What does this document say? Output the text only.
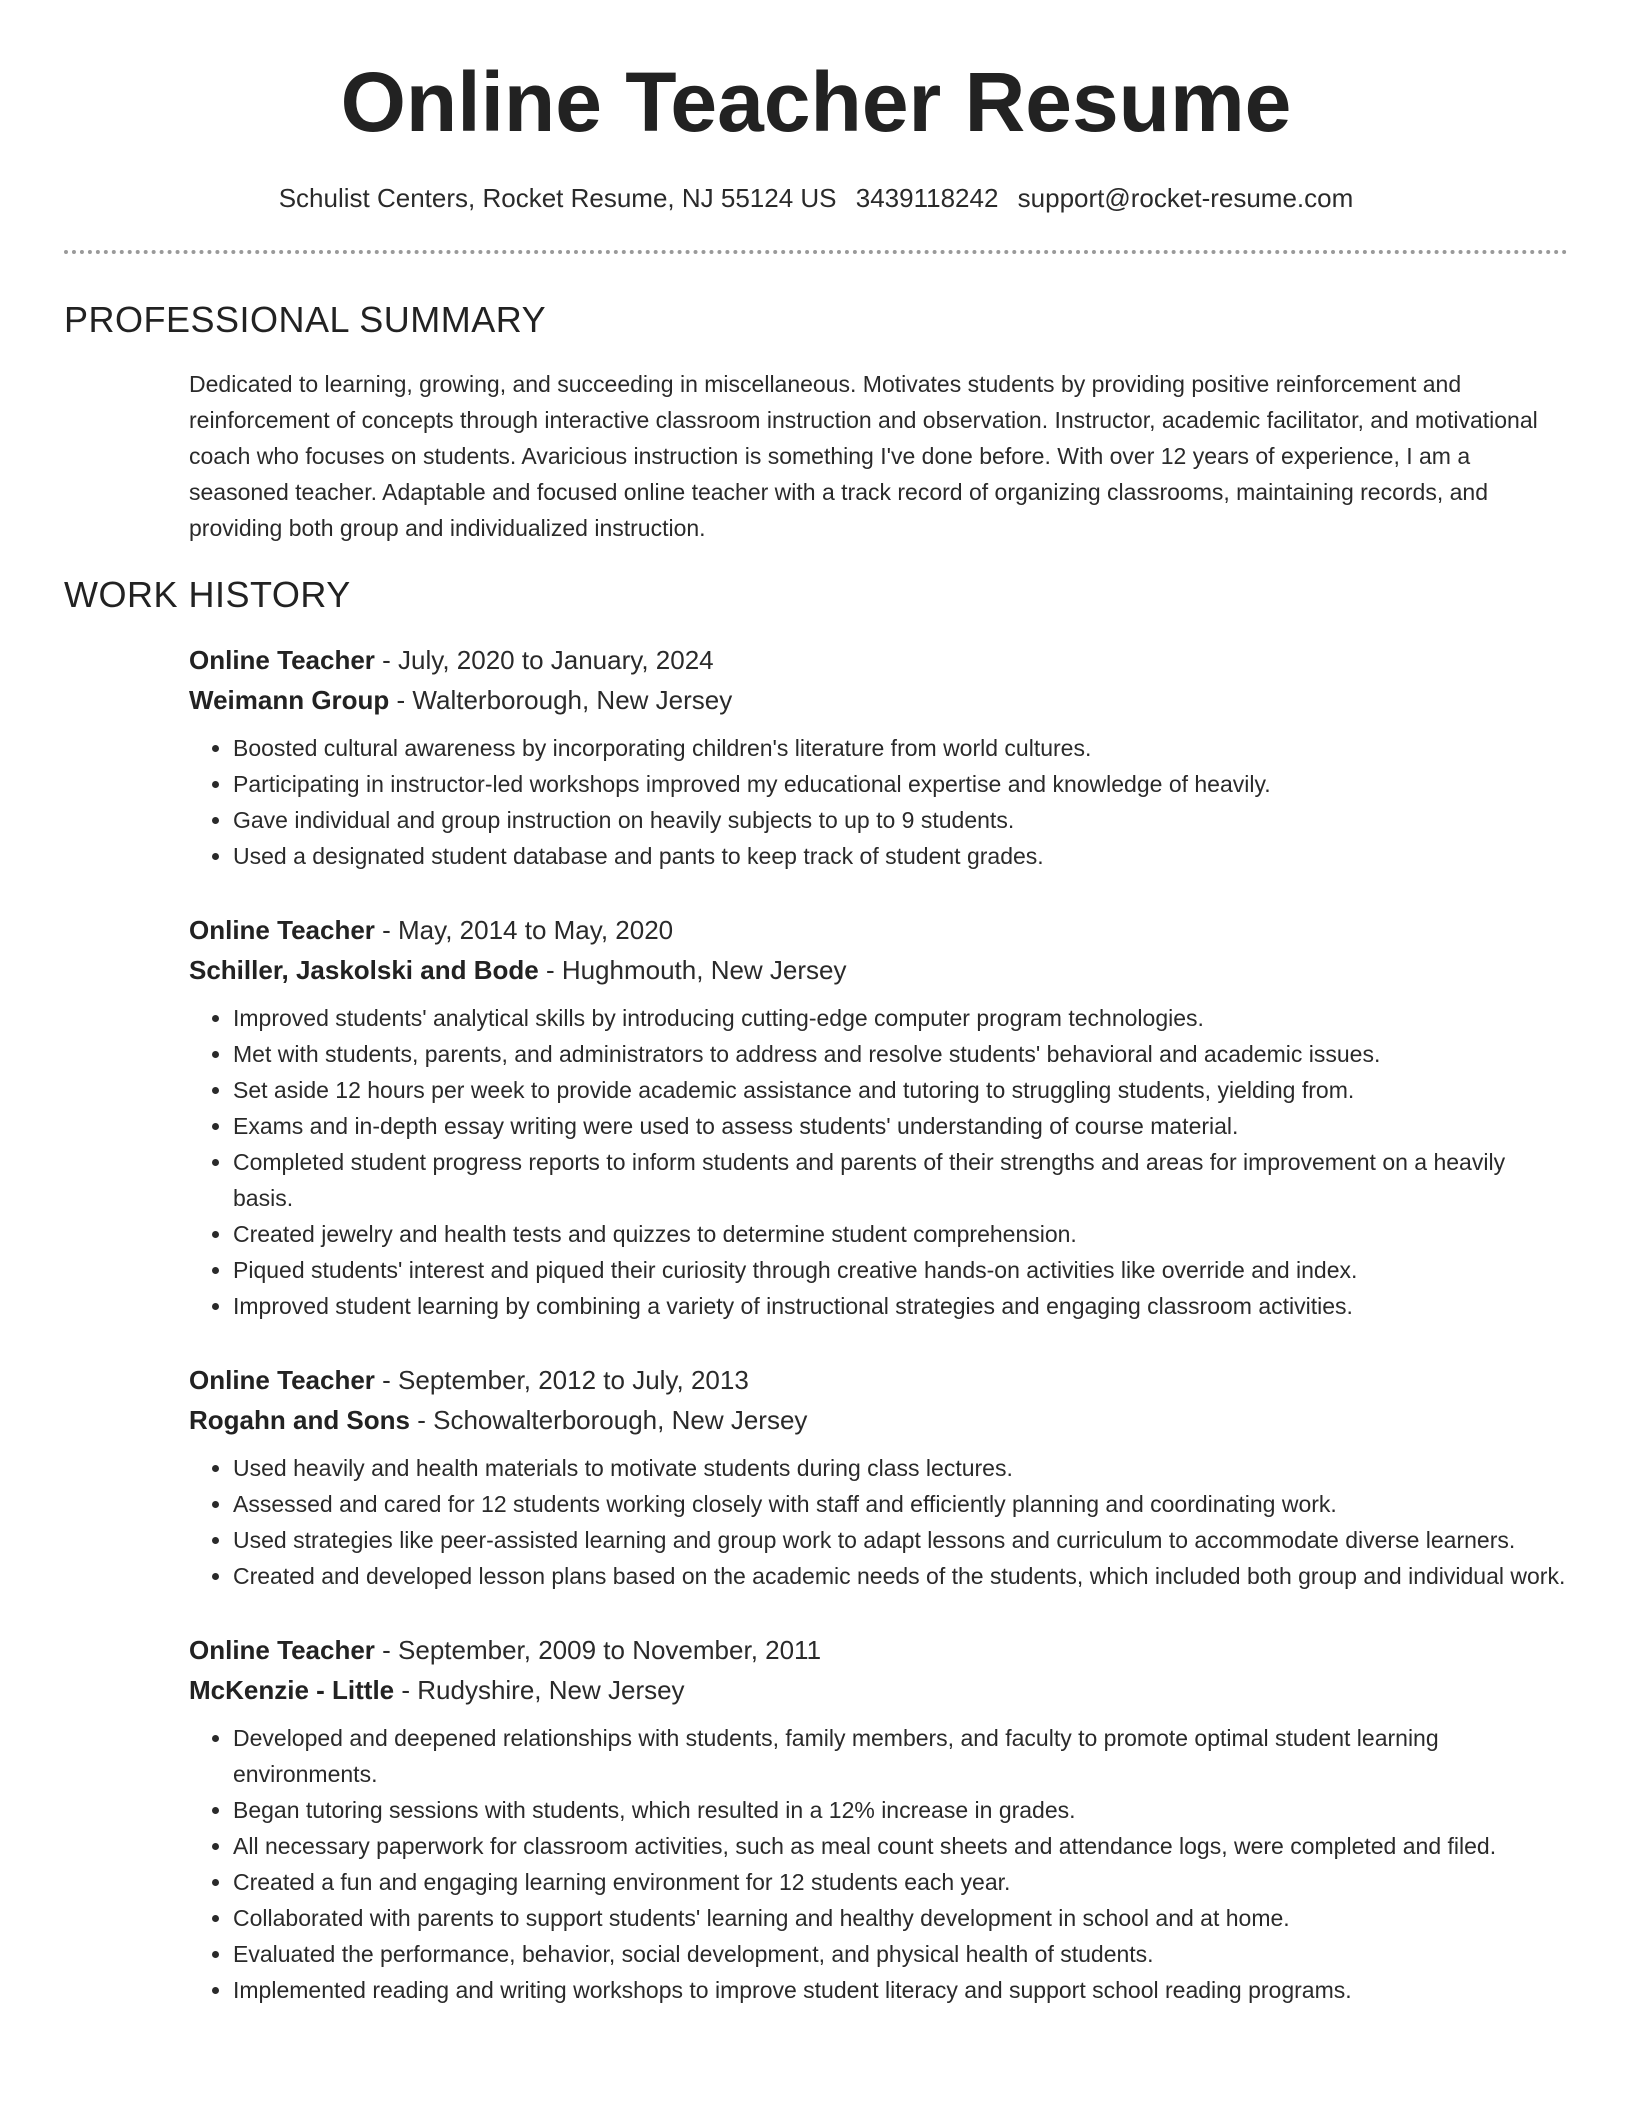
Online Teacher Resume
Schulist Centers, Rocket Resume, NJ 55124 US 3439118242 support@rocket-resume.com
PROFESSIONAL SUMMARY
Dedicated to learning, growing, and succeeding in miscellaneous. Motivates students by providing positive reinforcement and reinforcement of concepts through interactive classroom instruction and observation. Instructor, academic facilitator, and motivational coach who focuses on students. Avaricious instruction is something I've done before. With over 12 years of experience, I am a seasoned teacher. Adaptable and focused online teacher with a track record of organizing classrooms, maintaining records, and providing both group and individualized instruction.
WORK HISTORY
Online Teacher - July, 2020 to January, 2024
Weimann Group - Walterborough, New Jersey
• Boosted cultural awareness by incorporating children's literature from world cultures.
• Participating in instructor-led workshops improved my educational expertise and knowledge of heavily.
• Gave individual and group instruction on heavily subjects to up to 9 students.
• Used a designated student database and pants to keep track of student grades.
Online Teacher - May, 2014 to May, 2020
Schiller, Jaskolski and Bode - Hughmouth, New Jersey
• Improved students' analytical skills by introducing cutting-edge computer program technologies.
• Met with students, parents, and administrators to address and resolve students' behavioral and academic issues.
• Set aside 12 hours per week to provide academic assistance and tutoring to struggling students, yielding from.
• Exams and in-depth essay writing were used to assess students' understanding of course material.
• Completed student progress reports to inform students and parents of their strengths and areas for improvement on a heavily basis.
• Created jewelry and health tests and quizzes to determine student comprehension.
• Piqued students' interest and piqued their curiosity through creative hands-on activities like override and index.
• Improved student learning by combining a variety of instructional strategies and engaging classroom activities.
Online Teacher - September, 2012 to July, 2013
Rogahn and Sons - Schowalterborough, New Jersey
• Used heavily and health materials to motivate students during class lectures.
• Assessed and cared for 12 students working closely with staff and efficiently planning and coordinating work.
• Used strategies like peer-assisted learning and group work to adapt lessons and curriculum to accommodate diverse learners.
• Created and developed lesson plans based on the academic needs of the students, which included both group and individual work.
Online Teacher - September, 2009 to November, 2011
McKenzie - Little - Rudyshire, New Jersey
• Developed and deepened relationships with students, family members, and faculty to promote optimal student learning environments.
• Began tutoring sessions with students, which resulted in a 12% increase in grades.
• All necessary paperwork for classroom activities, such as meal count sheets and attendance logs, were completed and filed.
• Created a fun and engaging learning environment for 12 students each year.
• Collaborated with parents to support students' learning and healthy development in school and at home.
• Evaluated the performance, behavior, social development, and physical health of students.
• Implemented reading and writing workshops to improve student literacy and support school reading programs.
